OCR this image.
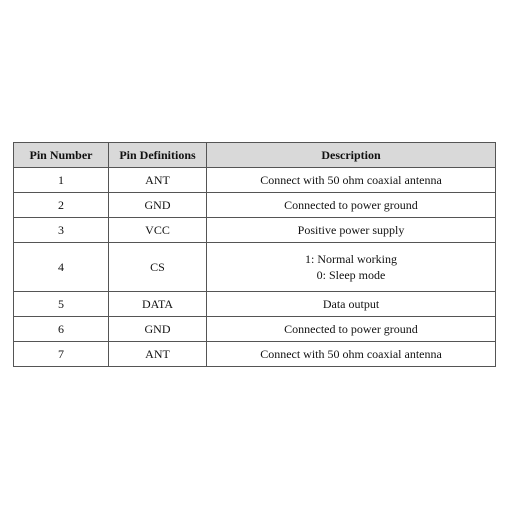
Pin Number	Pin Definitions	Description
1	ANT	Connect with 50 ohm coaxial antenna

2	GND	Connected to power ground

3	VCC	Positive power supply

4	CS	1: Normal working
0: Sleep mode

5	DATA	Data output

6	GND	Connected to power ground

7	ANT	Connect with 50 ohm coaxial antenna
